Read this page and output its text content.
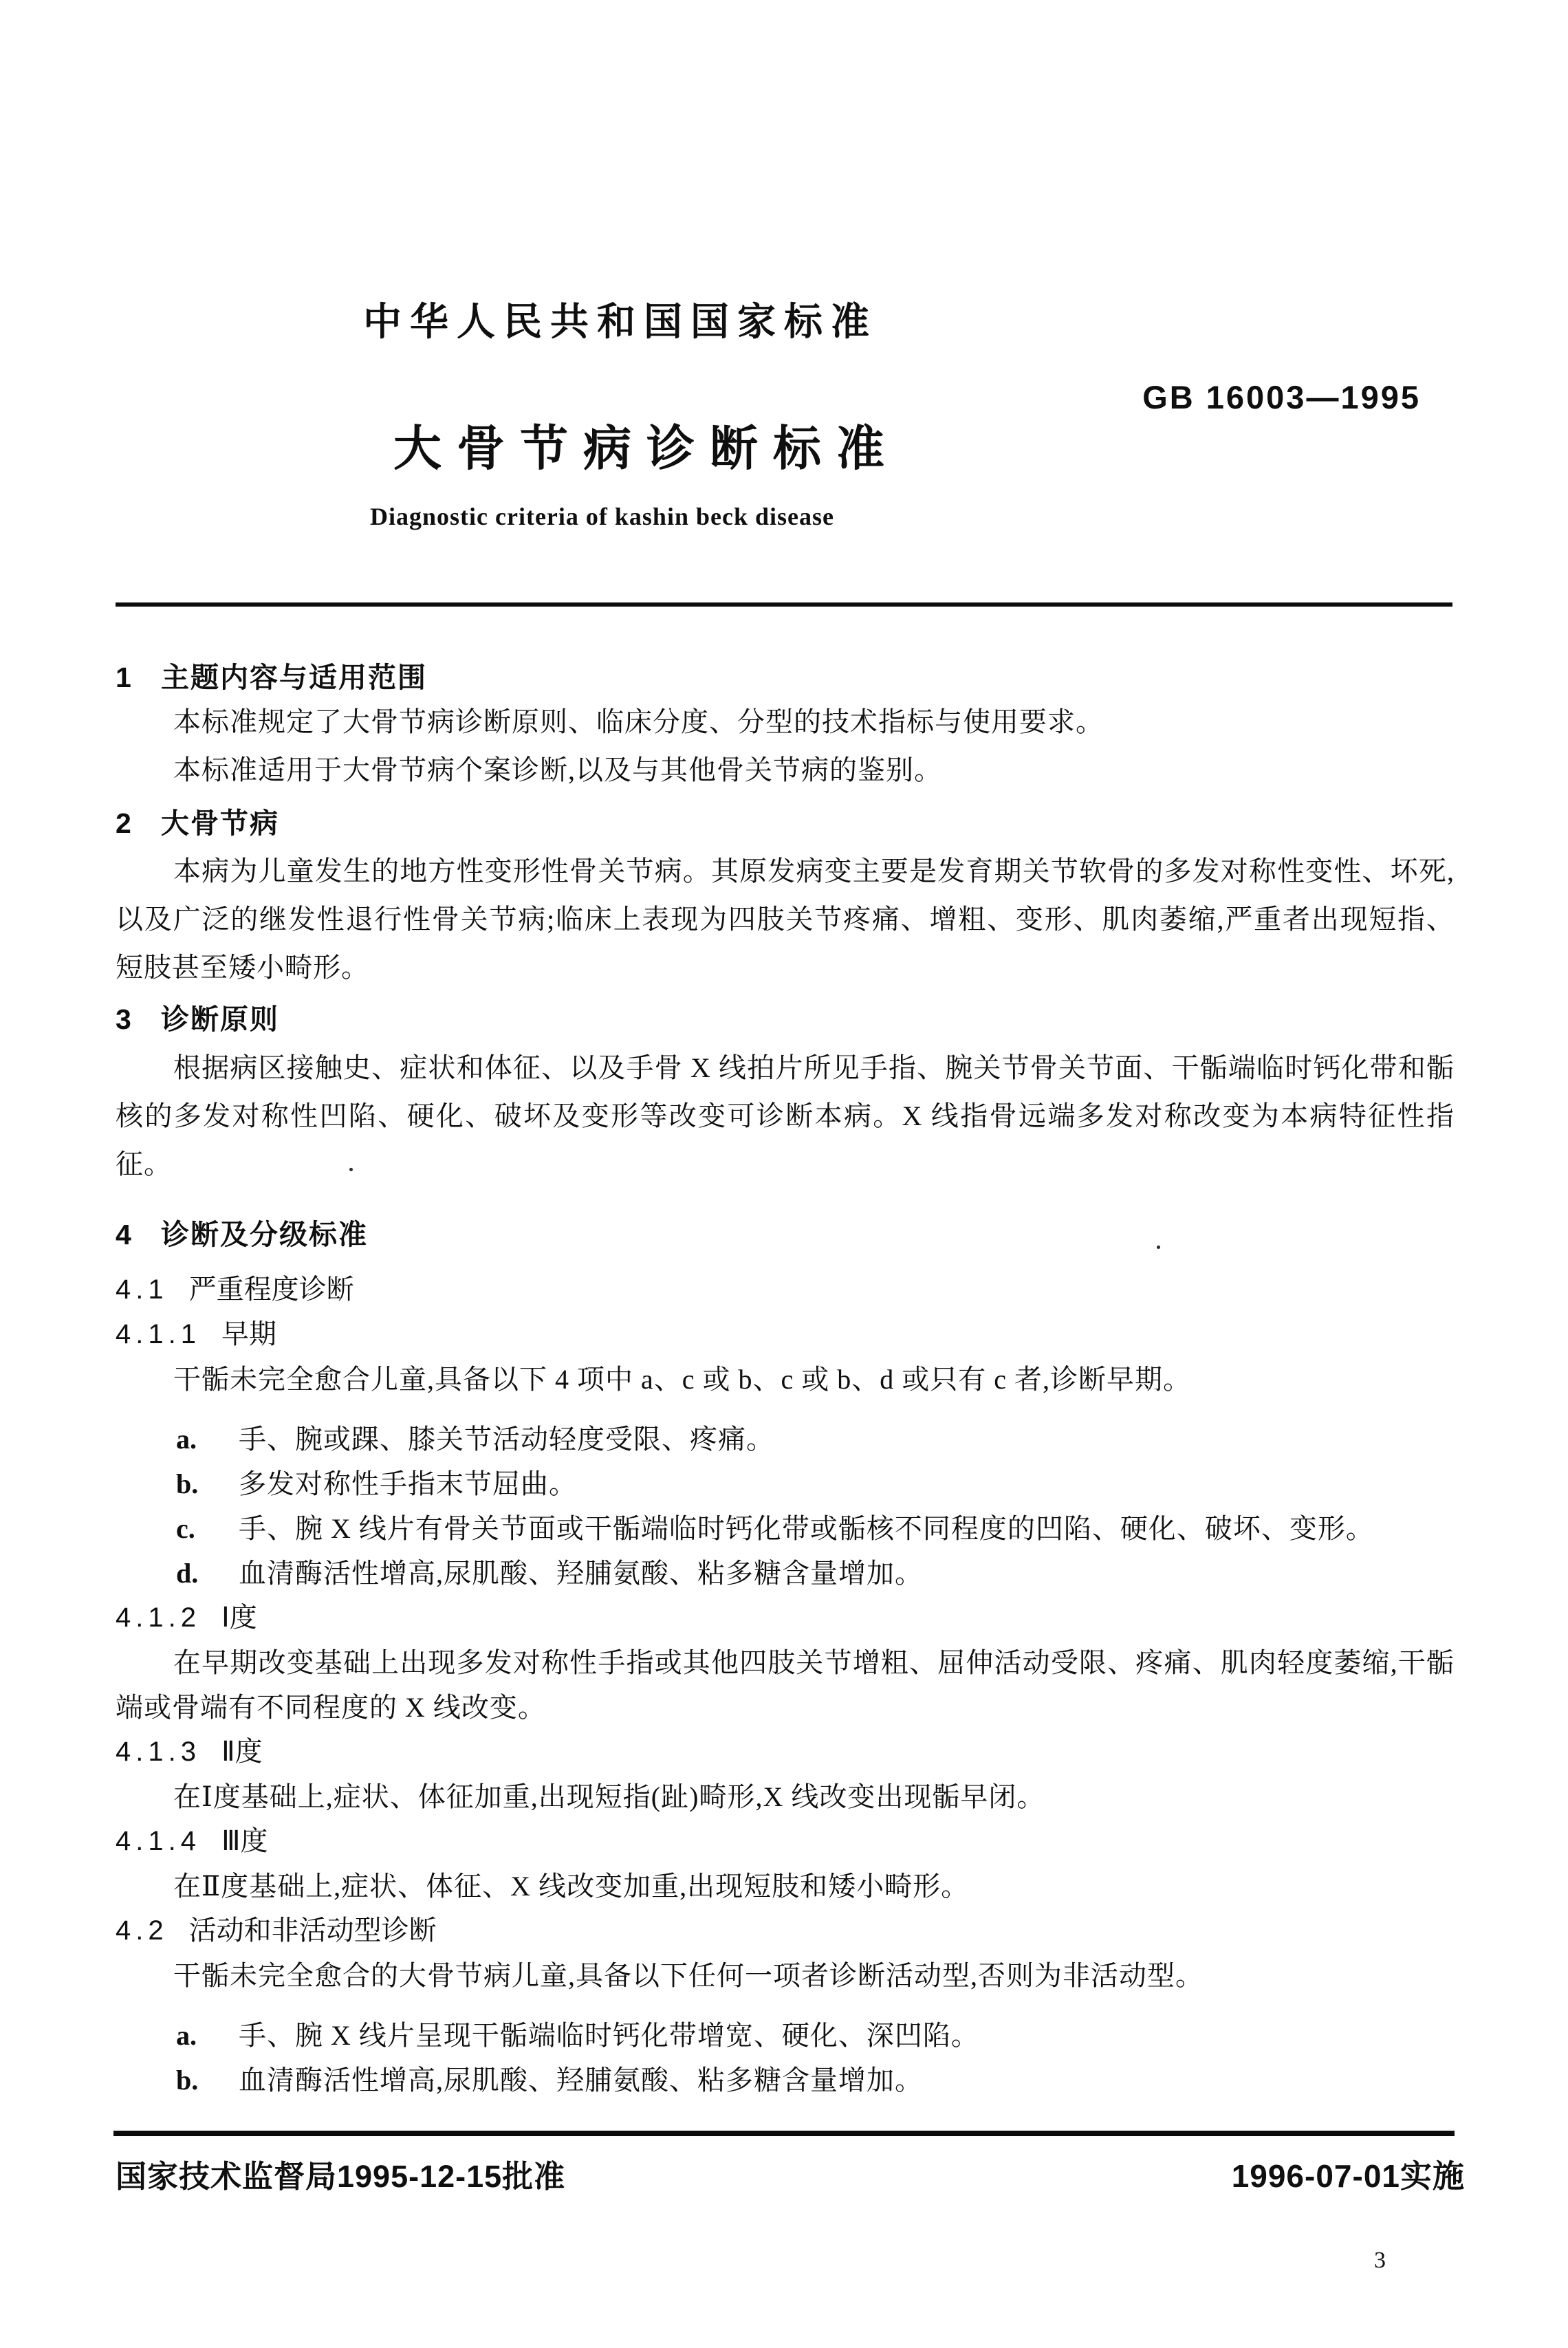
中华人民共和国国家标准
GB 16003—1995
大骨节病诊断标准
Diagnostic criteria of kashin beck disease
1 主题内容与适用范围

本标准规定了大骨节病诊断原则、临床分度、分型的技术指标与使用要求。

本标准适用于大骨节病个案诊断,以及与其他骨关节病的鉴别。

2 大骨节病

本病为儿童发生的地方性变形性骨关节病。其原发病变主要是发育期关节软骨的多发对称性变性、坏死,以及广泛的继发性退行性骨关节病;临床上表现为四肢关节疼痛、增粗、变形、肌肉萎缩,严重者出现短指、短肢甚至矮小畸形。

3 诊断原则

根据病区接触史、症状和体征、以及手骨 X 线拍片所见手指、腕关节骨关节面、干骺端临时钙化带和骺核的多发对称性凹陷、硬化、破坏及变形等改变可诊断本病。X 线指骨远端多发对称改变为本病特征性指征。

4 诊断及分级标准
4.1 严重程度诊断
4.1.1 早期

干骺未完全愈合儿童,具备以下 4 项中 a、c 或 b、c 或 b、d 或只有 c 者,诊断早期。

a.	手、腕或踝、膝关节活动轻度受限、疼痛。
b.	多发对称性手指末节屈曲。
c.	手、腕 X 线片有骨关节面或干骺端临时钙化带或骺核不同程度的凹陷、硬化、破坏、变形。
d.	血清酶活性增高,尿肌酸、羟脯氨酸、粘多糖含量增加。
4.1.2 Ⅰ度

在早期改变基础上出现多发对称性手指或其他四肢关节增粗、屈伸活动受限、疼痛、肌肉轻度萎缩,干骺端或骨端有不同程度的 X 线改变。

4.1.3 Ⅱ度

在Ⅰ度基础上,症状、体征加重,出现短指(趾)畸形,X 线改变出现骺早闭。

4.1.4 Ⅲ度

在Ⅱ度基础上,症状、体征、X 线改变加重,出现短肢和矮小畸形。

4.2 活动和非活动型诊断

干骺未完全愈合的大骨节病儿童,具备以下任何一项者诊断活动型,否则为非活动型。

a.	手、腕 X 线片呈现干骺端临时钙化带增宽、硬化、深凹陷。
b.	血清酶活性增高,尿肌酸、羟脯氨酸、粘多糖含量增加。
国家技术监督局1995-12-15批准	1996-07-01实施
3
